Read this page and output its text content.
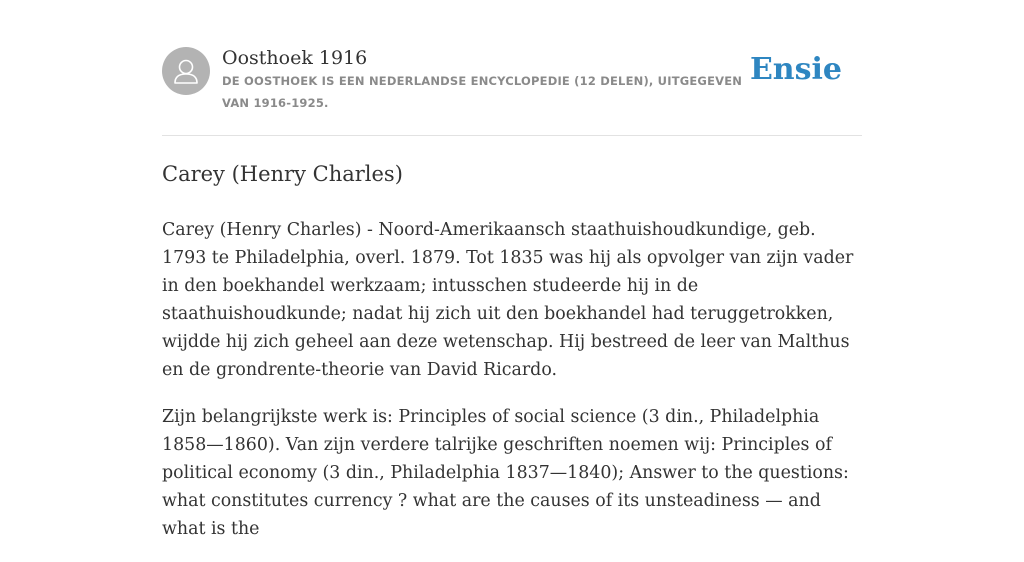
Oosthoek 1916
DE OOSTHOEK IS EEN NEDERLANDSE ENCYCLOPEDIE (12 DELEN), UITGEGEVEN VAN 1916-1925.
Ensie
Carey (Henry Charles)

Carey (Henry Charles) - Noord-Amerikaansch staathuishoudkundige, geb. 1793 te Philadelphia, overl. 1879. Tot 1835 was hij als opvolger van zijn vader in den boekhandel werkzaam; intusschen studeerde hij in de staathuishoudkunde; nadat hij zich uit den boekhandel had teruggetrokken, wijdde hij zich geheel aan deze wetenschap. Hij bestreed de leer van Malthus en de grondrente-theorie van David Ricardo.

Zijn belangrijkste werk is: Principles of social science (3 din., Philadelphia 1858—1860). Van zijn verdere talrijke geschriften noemen wij: Principles of political economy (3 din., Philadelphia 1837—1840); Answer to the questions: what constitutes currency ? what are the causes of its unsteadiness — and what is the
